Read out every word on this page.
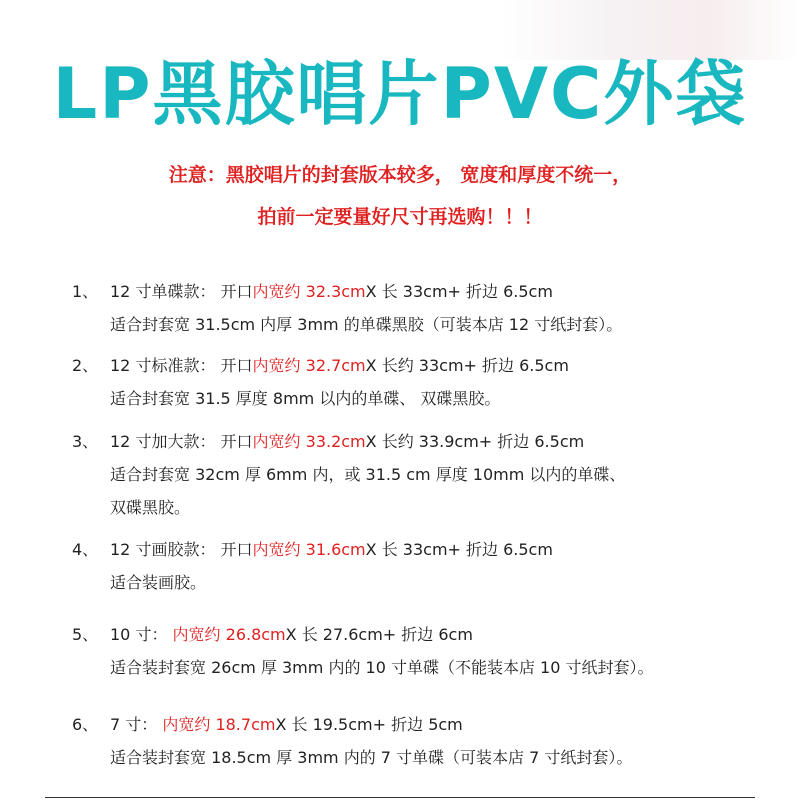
LP黑胶唱片PVC外袋
注意：黑胶唱片的封套版本较多， 宽度和厚度不统一，
拍前一定要量好尺寸再选购！！！
1、 12 寸单碟款： 开口内宽约 32.3cmX 长 33cm+ 折边 6.5cm
适合封套宽 31.5cm 内厚 3mm 的单碟黑胶（可装本店 12 寸纸封套）。
2、 12 寸标准款： 开口内宽约 32.7cmX 长约 33cm+ 折边 6.5cm
适合封套宽 31.5 厚度 8mm 以内的单碟、 双碟黑胶。
3、 12 寸加大款： 开口内宽约 33.2cmX 长约 33.9cm+ 折边 6.5cm
适合封套宽 32cm 厚 6mm 内，或 31.5 cm 厚度 10mm 以内的单碟、
双碟黑胶。
4、 12 寸画胶款： 开口内宽约 31.6cmX 长 33cm+ 折边 6.5cm
适合装画胶。
5、 10 寸： 内宽约 26.8cmX 长 27.6cm+ 折边 6cm
适合装封套宽 26cm 厚 3mm 内的 10 寸单碟（不能装本店 10 寸纸封套）。
6、 7 寸： 内宽约 18.7cmX 长 19.5cm+ 折边 5cm
适合装封套宽 18.5cm 厚 3mm 内的 7 寸单碟（可装本店 7 寸纸封套）。
